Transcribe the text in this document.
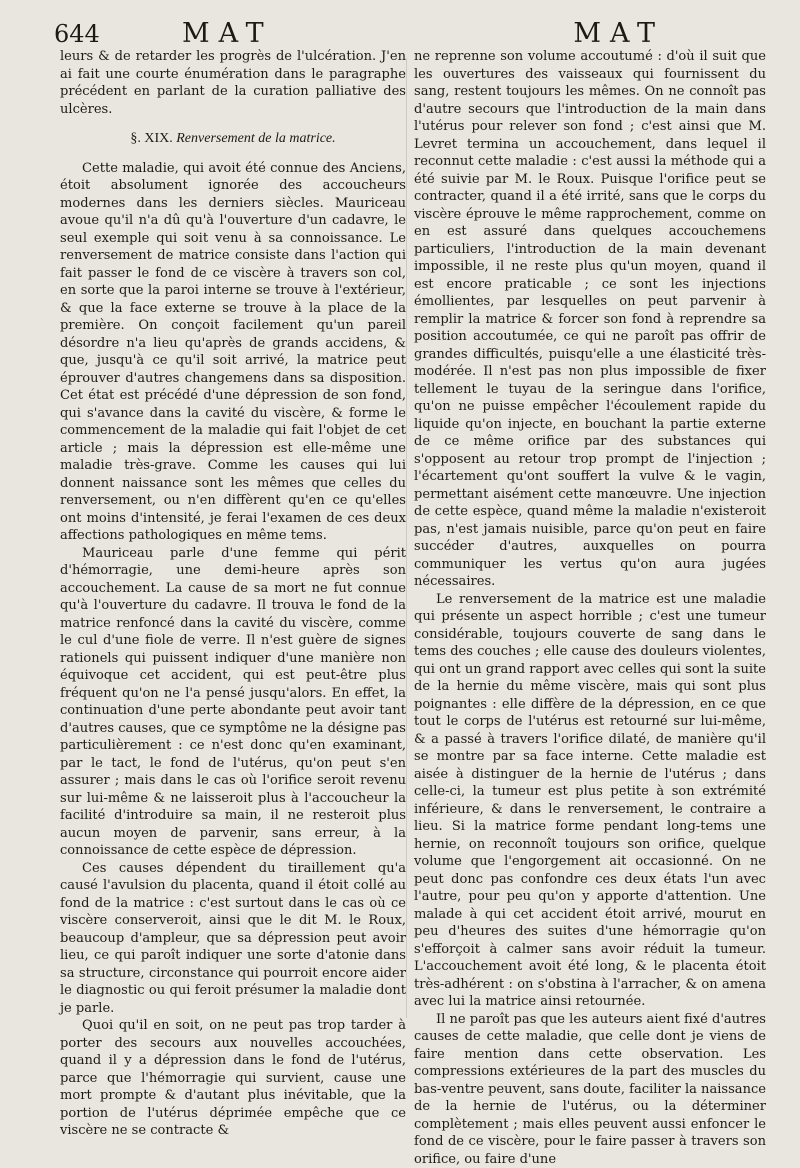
644	MAT	MAT

leurs & de retarder les progrès de l'ulcération. J'en ai fait une courte énumération dans le paragraphe précédent en parlant de la curation palliative des ulcères.

§. XIX. Renversement de la matrice.

Cette maladie, qui avoit été connue des Anciens, étoit absolument ignorée des accoucheurs modernes dans les derniers siècles. Mauriceau avoue qu'il n'a dû qu'à l'ouverture d'un cadavre, le seul exemple qui soit venu à sa connoissance. Le renversement de matrice consiste dans l'action qui fait passer le fond de ce viscère à travers son col, en sorte que la paroi interne se trouve à l'extérieur, & que la face externe se trouve à la place de la première. On conçoit facilement qu'un pareil désordre n'a lieu qu'après de grands accidens, & que, jusqu'à ce qu'il soit arrivé, la matrice peut éprouver d'autres changemens dans sa disposition. Cet état est précédé d'une dépression de son fond, qui s'avance dans la cavité du viscère, & forme le commencement de la maladie qui fait l'objet de cet article ; mais la dépression est elle-même une maladie très-grave. Comme les causes qui lui donnent naissance sont les mêmes que celles du renversement, ou n'en diffèrent qu'en ce qu'elles ont moins d'intensité, je ferai l'examen de ces deux affections pathologiques en même tems.

Mauriceau parle d'une femme qui périt d'hémorragie, une demi-heure après son accouchement. La cause de sa mort ne fut connue qu'à l'ouverture du cadavre. Il trouva le fond de la matrice renfoncé dans la cavité du viscère, comme le cul d'une fiole de verre. Il n'est guère de signes rationels qui puissent indiquer d'une manière non équivoque cet accident, qui est peut-être plus fréquent qu'on ne l'a pensé jusqu'alors. En effet, la continuation d'une perte abondante peut avoir tant d'autres causes, que ce symptôme ne la désigne pas particulièrement : ce n'est donc qu'en examinant, par le tact, le fond de l'utérus, qu'on peut s'en assurer ; mais dans le cas où l'orifice seroit revenu sur lui-même & ne laisseroit plus à l'accoucheur la facilité d'introduire sa main, il ne resteroit plus aucun moyen de parvenir, sans erreur, à la connoissance de cette espèce de dépression.

Ces causes dépendent du tiraillement qu'a causé l'avulsion du placenta, quand il étoit collé au fond de la matrice : c'est surtout dans le cas où ce viscère conserveroit, ainsi que le dit M. le Roux, beaucoup d'ampleur, que sa dépression peut avoir lieu, ce qui paroît indiquer une sorte d'atonie dans sa structure, circonstance qui pourroit encore aider le diagnostic ou qui feroit présumer la maladie dont je parle.

Quoi qu'il en soit, on ne peut pas trop tarder à porter des secours aux nouvelles accouchées, quand il y a dépression dans le fond de l'utérus, parce que l'hémorragie qui survient, cause une mort prompte & d'autant plus inévitable, que la portion de l'utérus déprimée empêche que ce viscère ne se contracte &

ne reprenne son volume accoutumé : d'où il suit que les ouvertures des vaisseaux qui fournissent du sang, restent toujours les mêmes. On ne connoît pas d'autre secours que l'introduction de la main dans l'utérus pour relever son fond ; c'est ainsi que M. Levret termina un accouchement, dans lequel il reconnut cette maladie : c'est aussi la méthode qui a été suivie par M. le Roux. Puisque l'orifice peut se contracter, quand il a été irrité, sans que le corps du viscère éprouve le même rapprochement, comme on en est assuré dans quelques accouchemens particuliers, l'introduction de la main devenant impossible, il ne reste plus qu'un moyen, quand il est encore praticable ; ce sont les injections émollientes, par lesquelles on peut parvenir à remplir la matrice & forcer son fond à reprendre sa position accoutumée, ce qui ne paroît pas offrir de grandes difficultés, puisqu'elle a une élasticité très-modérée. Il n'est pas non plus impossible de fixer tellement le tuyau de la seringue dans l'orifice, qu'on ne puisse empêcher l'écoulement rapide du liquide qu'on injecte, en bouchant la partie externe de ce même orifice par des substances qui s'opposent au retour trop prompt de l'injection ; l'écartement qu'ont souffert la vulve & le vagin, permettant aisément cette manœuvre. Une injection de cette espèce, quand même la maladie n'existeroit pas, n'est jamais nuisible, parce qu'on peut en faire succéder d'autres, auxquelles on pourra communiquer les vertus qu'on aura jugées nécessaires.

Le renversement de la matrice est une maladie qui présente un aspect horrible ; c'est une tumeur considérable, toujours couverte de sang dans le tems des couches ; elle cause des douleurs violentes, qui ont un grand rapport avec celles qui sont la suite de la hernie du même viscère, mais qui sont plus poignantes : elle diffère de la dépression, en ce que tout le corps de l'utérus est retourné sur lui-même, & a passé à travers l'orifice dilaté, de manière qu'il se montre par sa face interne. Cette maladie est aisée à distinguer de la hernie de l'utérus ; dans celle-ci, la tumeur est plus petite à son extrémité inférieure, & dans le renversement, le contraire a lieu. Si la matrice forme pendant long-tems une hernie, on reconnoît toujours son orifice, quelque volume que l'engorgement ait occasionné. On ne peut donc pas confondre ces deux états l'un avec l'autre, pour peu qu'on y apporte d'attention. Une malade à qui cet accident étoit arrivé, mourut en peu d'heures des suites d'une hémorragie qu'on s'efforçoit à calmer sans avoir réduit la tumeur. L'accouchement avoit été long, & le placenta étoit très-adhérent : on s'obstina à l'arracher, & on amena avec lui la matrice ainsi retournée.

Il ne paroît pas que les auteurs aient fixé d'autres causes de cette maladie, que celle dont je viens de faire mention dans cette observation. Les compressions extérieures de la part des muscles du bas-ventre peuvent, sans doute, faciliter la naissance de la hernie de l'utérus, ou la déterminer complètement ; mais elles peuvent aussi enfoncer le fond de ce viscère, pour le faire passer à travers son orifice, ou faire d'une
